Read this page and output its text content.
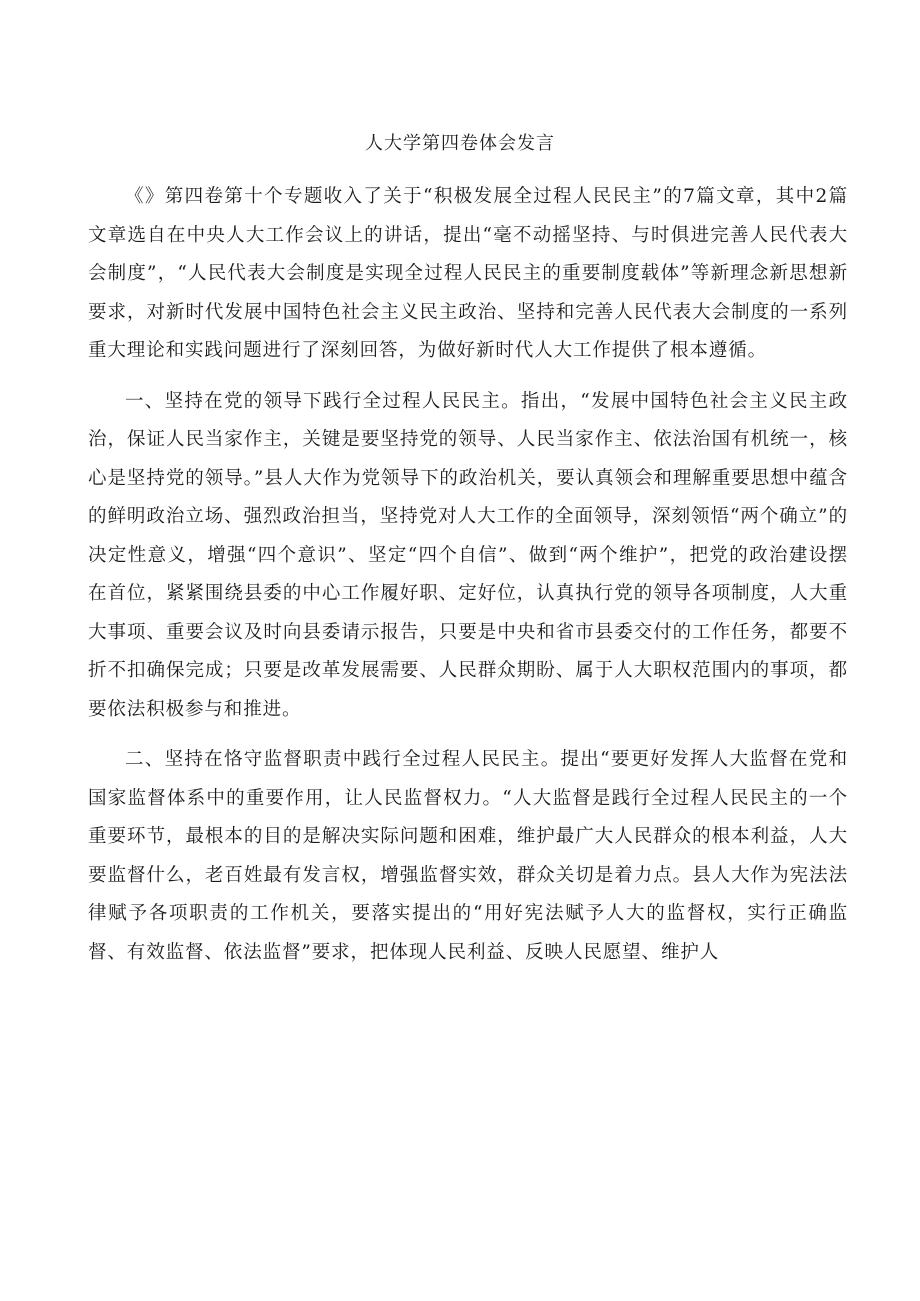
人大学第四卷体会发言

《》第四卷第十个专题收入了关于“积极发展全过程人民民主”的7篇文章，其中2篇文章选自在中央人大工作会议上的讲话，提出“毫不动摇坚持、与时俱进完善人民代表大会制度”，“人民代表大会制度是实现全过程人民民主的重要制度载体”等新理念新思想新要求，对新时代发展中国特色社会主义民主政治、坚持和完善人民代表大会制度的一系列重大理论和实践问题进行了深刻回答，为做好新时代人大工作提供了根本遵循。

一、坚持在党的领导下践行全过程人民民主。指出，“发展中国特色社会主义民主政治，保证人民当家作主，关键是要坚持党的领导、人民当家作主、依法治国有机统一，核心是坚持党的领导。”县人大作为党领导下的政治机关，要认真领会和理解重要思想中蕴含的鲜明政治立场、强烈政治担当，坚持党对人大工作的全面领导，深刻领悟“两个确立”的决定性意义，增强“四个意识”、坚定“四个自信”、做到“两个维护”，把党的政治建设摆在首位，紧紧围绕县委的中心工作履好职、定好位，认真执行党的领导各项制度，人大重大事项、重要会议及时向县委请示报告，只要是中央和省市县委交付的工作任务，都要不折不扣确保完成；只要是改革发展需要、人民群众期盼、属于人大职权范围内的事项，都要依法积极参与和推进。

二、坚持在恪守监督职责中践行全过程人民民主。提出“要更好发挥人大监督在党和国家监督体系中的重要作用，让人民监督权力。“人大监督是践行全过程人民民主的一个重要环节，最根本的目的是解决实际问题和困难，维护最广大人民群众的根本利益，人大要监督什么，老百姓最有发言权，增强监督实效，群众关切是着力点。县人大作为宪法法律赋予各项职责的工作机关，要落实提出的“用好宪法赋予人大的监督权，实行正确监督、有效监督、依法监督”要求，把体现人民利益、反映人民愿望、维护人
